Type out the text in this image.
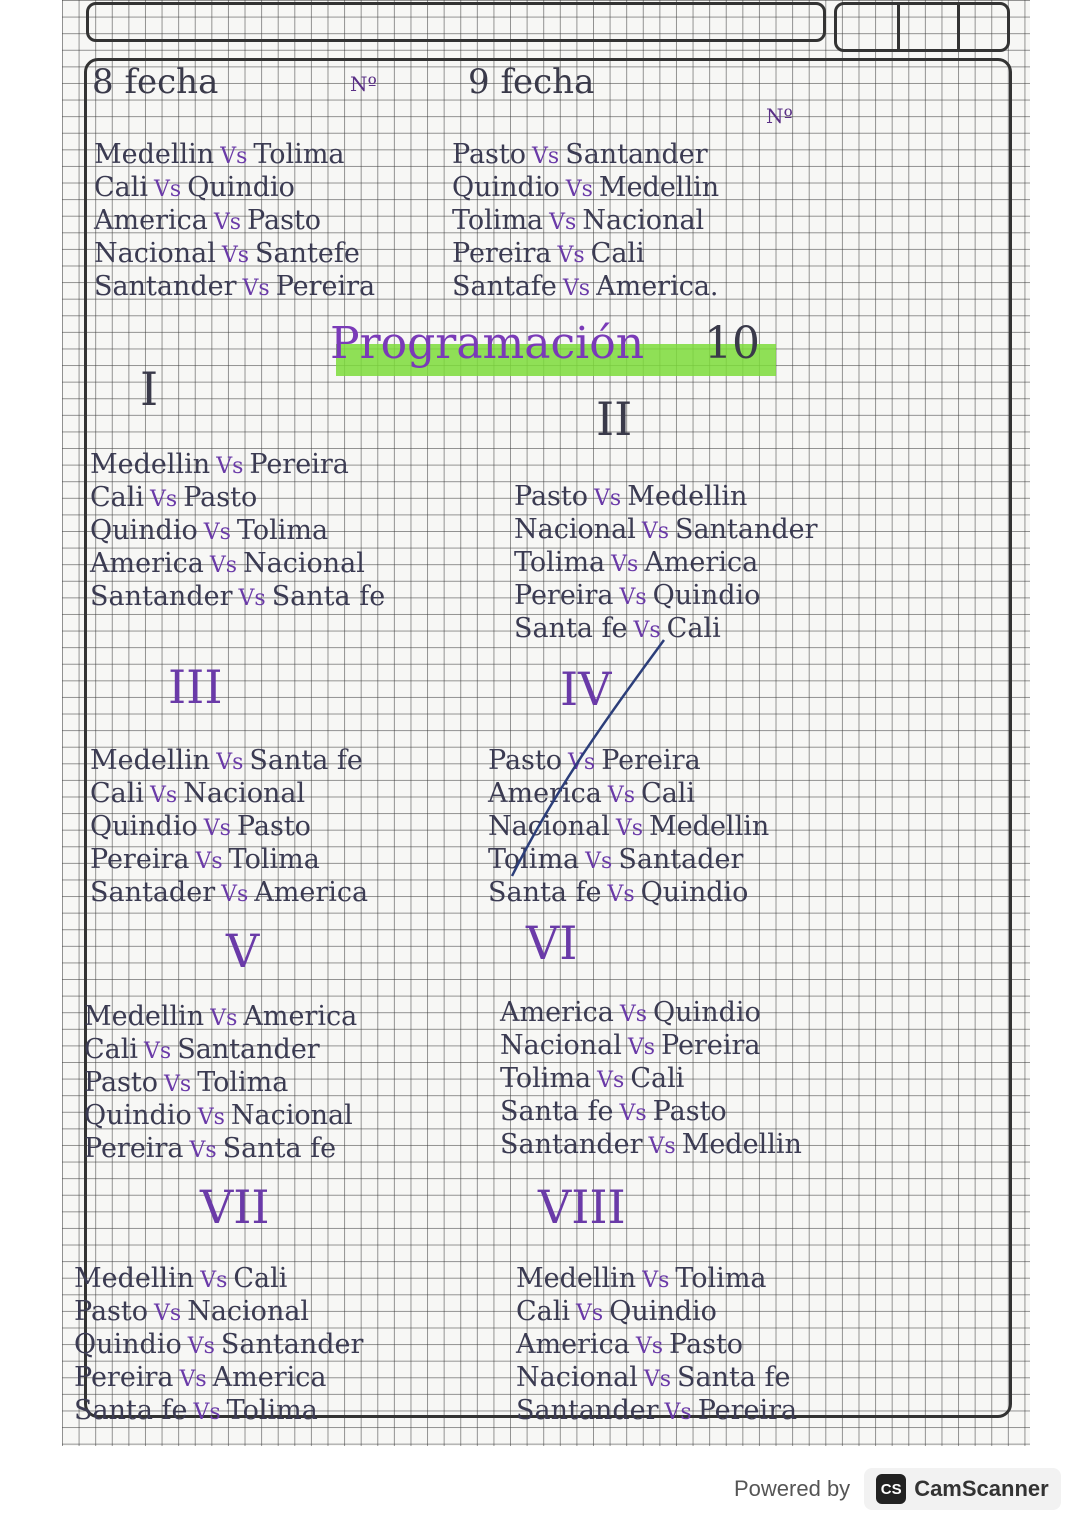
8 fecha	Nº
Medellin Vs Tolima
Cali Vs Quindio
America Vs Pasto
Nacional Vs Santefe
Santander Vs Pereira
9 fecha
Nº
Pasto Vs Santander
Quindio Vs Medellin
Tolima Vs Nacional
Pereira Vs Cali
Santafe Vs America.
Programación 10
I
Medellin Vs Pereira
Cali Vs Pasto
Quindio Vs Tolima
America Vs Nacional
Santander Vs Santa fe
II
Pasto Vs Medellin
Nacional Vs Santander
Tolima Vs America
Pereira Vs Quindio
Santa fe Vs Cali
III
Medellin Vs Santa fe
Cali Vs Nacional
Quindio Vs Pasto
Pereira Vs Tolima
Santader Vs America
IV
Pasto Vs Pereira
America Vs Cali
Nacional Vs Medellin
Tolima Vs Santader
Santa fe Vs Quindio
V
Medellin Vs America
Cali Vs Santander
Pasto Vs Tolima
Quindio Vs Nacional
Pereira Vs Santa fe
VI
America Vs Quindio
Nacional Vs Pereira
Tolima Vs Cali
Santa fe Vs Pasto
Santander Vs Medellin
VII
Medellin Vs Cali
Pasto Vs Nacional
Quindio Vs Santander
Pereira Vs America
Santa fe Vs Tolima
VIII
Medellin Vs Tolima
Cali Vs Quindio
America Vs Pasto
Nacional Vs Santa fe
Santander Vs Pereira
Powered by	CS CamScanner
